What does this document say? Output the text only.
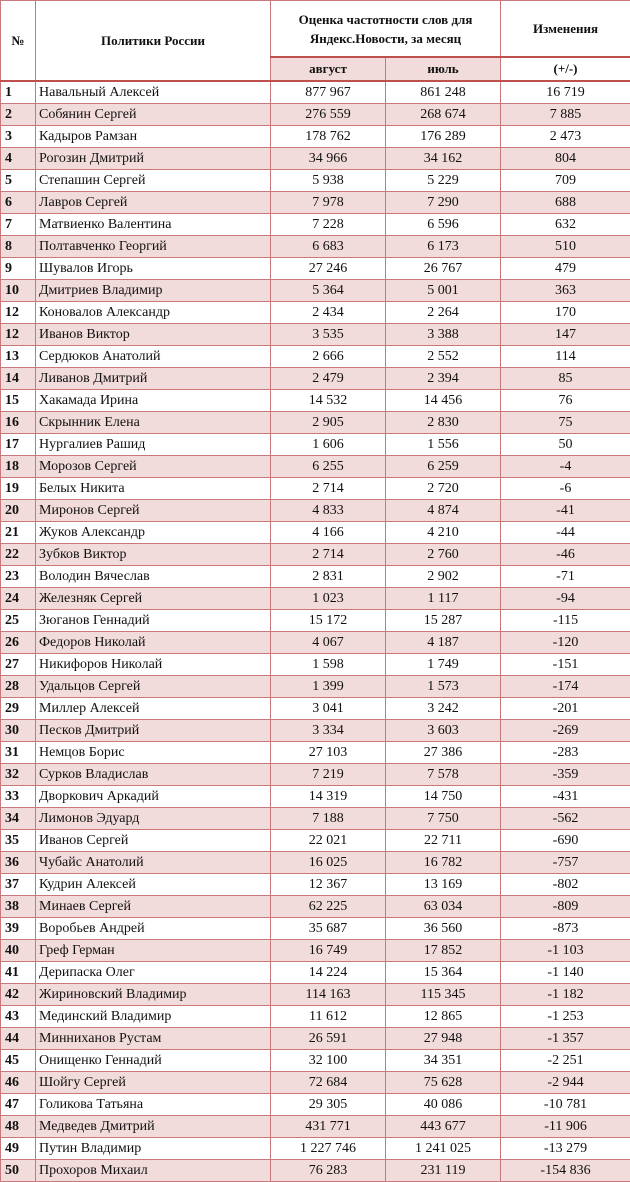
№	Политики России	Оценка частотности слов для Яндекс.Новости, за месяц		Изменения
		август	июль	(+/-)
1	Навальный Алексей	877 967	861 248	16 719
2	Собянин Сергей	276 559	268 674	7 885
3	Кадыров Рамзан	178 762	176 289	2 473
4	Рогозин Дмитрий	34 966	34 162	804
5	Степашин Сергей	5 938	5 229	709
6	Лавров Сергей	7 978	7 290	688
7	Матвиенко Валентина	7 228	6 596	632
8	Полтавченко Георгий	6 683	6 173	510
9	Шувалов Игорь	27 246	26 767	479
10	Дмитриев Владимир	5 364	5 001	363
12	Коновалов Александр	2 434	2 264	170
12	Иванов Виктор	3 535	3 388	147
13	Сердюков Анатолий	2 666	2 552	114
14	Ливанов Дмитрий	2 479	2 394	85
15	Хакамада Ирина	14 532	14 456	76
16	Скрынник Елена	2 905	2 830	75
17	Нургалиев Рашид	1 606	1 556	50
18	Морозов Сергей	6 255	6 259	-4
19	Белых Никита	2 714	2 720	-6
20	Миронов Сергей	4 833	4 874	-41
21	Жуков Александр	4 166	4 210	-44
22	Зубков Виктор	2 714	2 760	-46
23	Володин Вячеслав	2 831	2 902	-71
24	Железняк Сергей	1 023	1 117	-94
25	Зюганов Геннадий	15 172	15 287	-115
26	Федоров Николай	4 067	4 187	-120
27	Никифоров Николай	1 598	1 749	-151
28	Удальцов Сергей	1 399	1 573	-174
29	Миллер Алексей	3 041	3 242	-201
30	Песков Дмитрий	3 334	3 603	-269
31	Немцов Борис	27 103	27 386	-283
32	Сурков Владислав	7 219	7 578	-359
33	Дворкович Аркадий	14 319	14 750	-431
34	Лимонов Эдуард	7 188	7 750	-562
35	Иванов Сергей	22 021	22 711	-690
36	Чубайс Анатолий	16 025	16 782	-757
37	Кудрин Алексей	12 367	13 169	-802
38	Минаев Сергей	62 225	63 034	-809
39	Воробьев Андрей	35 687	36 560	-873
40	Греф Герман	16 749	17 852	-1 103
41	Дерипаска Олег	14 224	15 364	-1 140
42	Жириновский Владимир	114 163	115 345	-1 182
43	Мединский Владимир	11 612	12 865	-1 253
44	Минниханов Рустам	26 591	27 948	-1 357
45	Онищенко Геннадий	32 100	34 351	-2 251
46	Шойгу Сергей	72 684	75 628	-2 944
47	Голикова Татьяна	29 305	40 086	-10 781
48	Медведев Дмитрий	431 771	443 677	-11 906
49	Путин Владимир	1 227 746	1 241 025	-13 279
50	Прохоров Михаил	76 283	231 119	-154 836
